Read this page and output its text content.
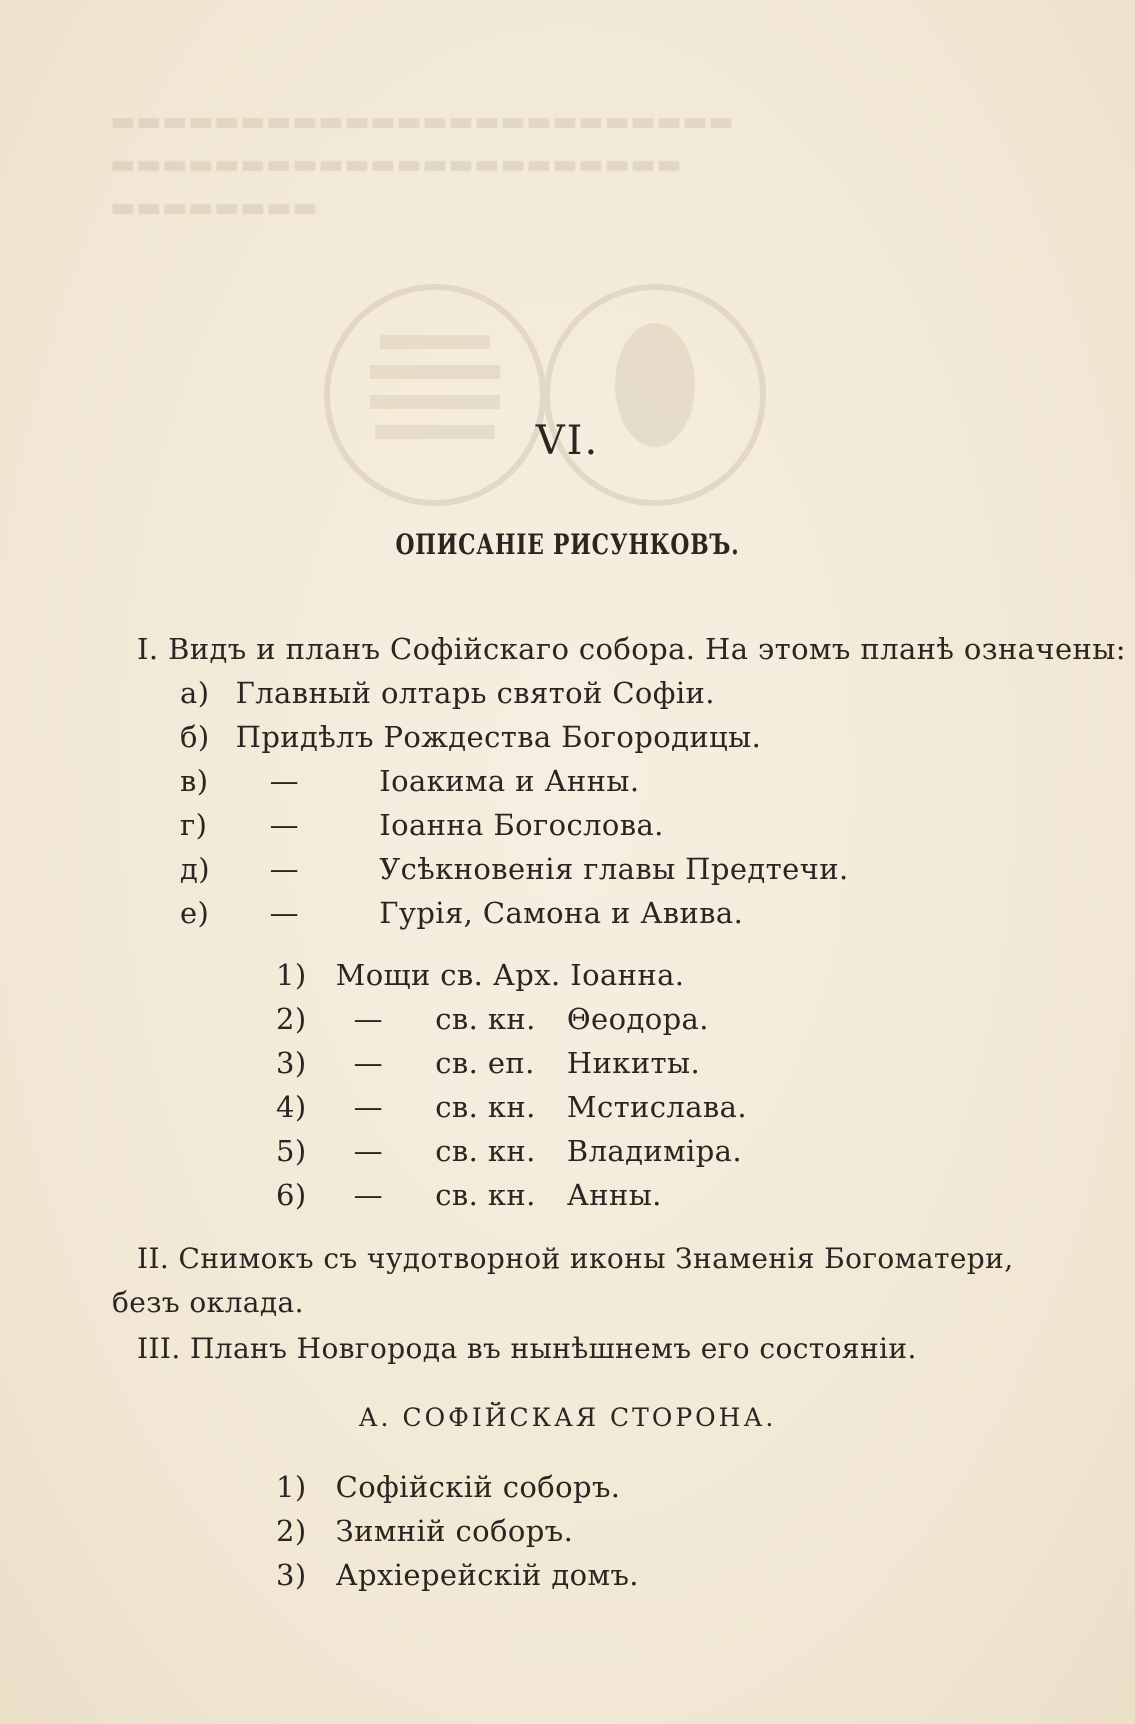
▬▬▬▬▬▬▬▬▬▬▬▬▬▬▬▬▬▬▬▬▬▬▬▬

▬▬▬▬▬▬▬▬▬▬▬▬▬▬▬▬▬▬▬▬▬▬

▬▬▬▬▬▬▬▬

VI.
ОПИСАНІЕ РИСУНКОВЪ.
I. Видъ и планъ Софійскаго собора. На этомъ планѣ означены:
а) Главный олтарь святой Софіи.
б) Придѣлъ Рождества Богородицы.
в) —	Іоакима и Анны.
г) —	Іоанна Богослова.
д) —	Усѣкновенія главы Предтечи.
е) —	Гурія, Самона и Авива.
1) Мощи св. Арх. Іоанна.
2) — св. кн. Θеодора.
3) — св. еп. Никиты.
4) — св. кн. Мстислава.
5) — св. кн. Владиміра.
6) — св. кн. Анны.
II. Снимокъ съ чудотворной иконы Знаменія Богоматери,
безъ оклада.
III. Планъ Новгорода въ нынѣшнемъ его состояніи.
А. СОФІЙСКАЯ СТОРОНА.
1) Софійскій соборъ.
2) Зимній соборъ.
3) Архіерейскій домъ.
